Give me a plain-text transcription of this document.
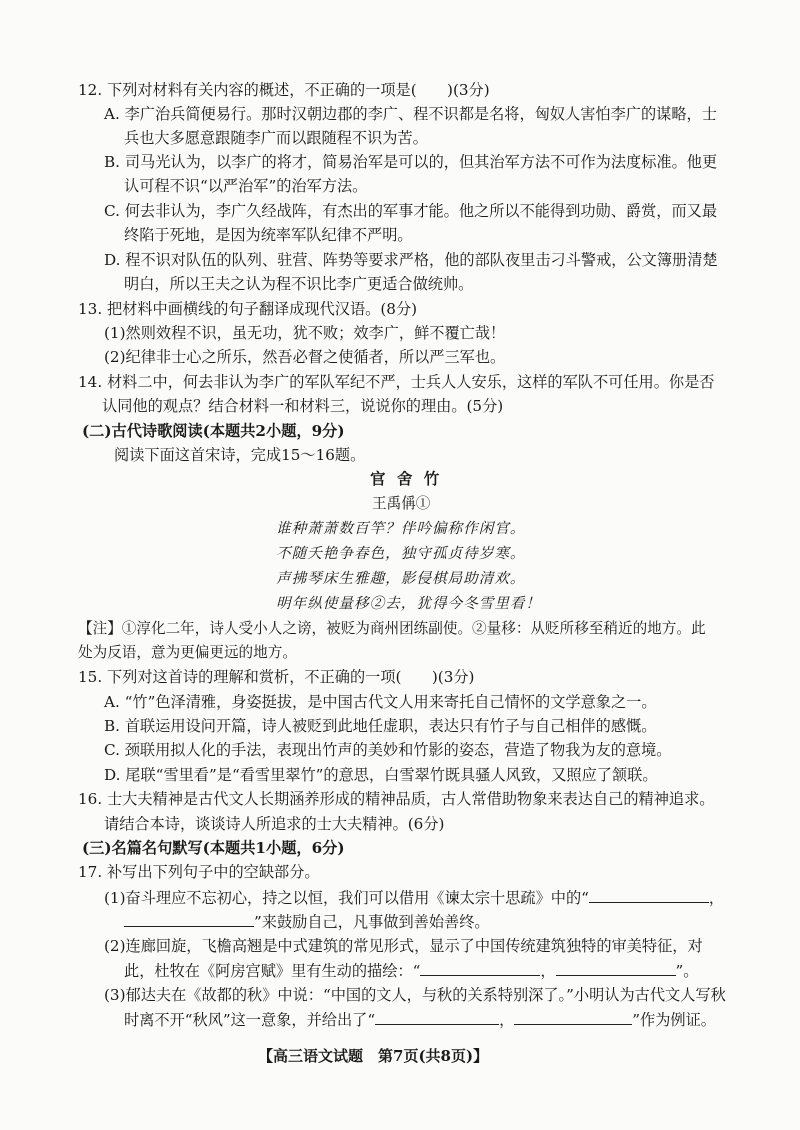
12. 下列对材料有关内容的概述，不正确的一项是(　　)(3分)
A. 李广治兵简便易行。那时汉朝边郡的李广、程不识都是名将，匈奴人害怕李广的谋略，士
兵也大多愿意跟随李广而以跟随程不识为苦。
B. 司马光认为，以李广的将才，简易治军是可以的，但其治军方法不可作为法度标准。他更
认可程不识“以严治军”的治军方法。
C. 何去非认为，李广久经战阵，有杰出的军事才能。他之所以不能得到功勋、爵赏，而又最
终陷于死地，是因为统率军队纪律不严明。
D. 程不识对队伍的队列、驻营、阵势等要求严格，他的部队夜里击刁斗警戒，公文簿册清楚
明白，所以王夫之认为程不识比李广更适合做统帅。
13. 把材料中画横线的句子翻译成现代汉语。(8分)
(1)然则效程不识，虽无功，犹不败；效李广，鲜不覆亡哉！
(2)纪律非士心之所乐，然吾必督之使循者，所以严三军也。
14. 材料二中，何去非认为李广的军队军纪不严，士兵人人安乐，这样的军队不可任用。你是否
认同他的观点？结合材料一和材料三，说说你的理由。(5分)
(二)古代诗歌阅读(本题共2小题，9分)
阅读下面这首宋诗，完成15～16题。
官 舍 竹
王禹偁①
谁种萧萧数百竿？伴吟偏称作闲官。
不随夭艳争春色，独守孤贞待岁寒。
声拂琴床生雅趣，影侵棋局助清欢。
明年纵使量移②去，犹得今冬雪里看！
【注】①淳化二年，诗人受小人之谤，被贬为商州团练副使。②量移：从贬所移至稍近的地方。此
处为反语，意为更偏更远的地方。
15. 下列对这首诗的理解和赏析，不正确的一项(　　)(3分)
A. “竹”色泽清雅，身姿挺拔，是中国古代文人用来寄托自己情怀的文学意象之一。
B. 首联运用设问开篇，诗人被贬到此地任虚职，表达只有竹子与自己相伴的感慨。
C. 颈联用拟人化的手法，表现出竹声的美妙和竹影的姿态，营造了物我为友的意境。
D. 尾联“雪里看”是“看雪里翠竹”的意思，白雪翠竹既具骚人风致，又照应了颔联。
16. 士大夫精神是古代文人长期涵养形成的精神品质，古人常借助物象来表达自己的精神追求。
请结合本诗，谈谈诗人所追求的士大夫精神。(6分)
(三)名篇名句默写(本题共1小题，6分)
17. 补写出下列句子中的空缺部分。
(1)奋斗理应不忘初心，持之以恒，我们可以借用《谏太宗十思疏》中的“	，
”来鼓励自己，凡事做到善始善终。
(2)连廊回旋，飞檐高翘是中式建筑的常见形式，显示了中国传统建筑独特的审美特征，对
此，杜牧在《阿房宫赋》里有生动的描绘：“	，	”。
(3)郁达夫在《故都的秋》中说：“中国的文人，与秋的关系特别深了。”小明认为古代文人写秋
时离不开“秋风”这一意象，并给出了“	，	”作为例证。
【高三语文试题　第7页(共8页)】
